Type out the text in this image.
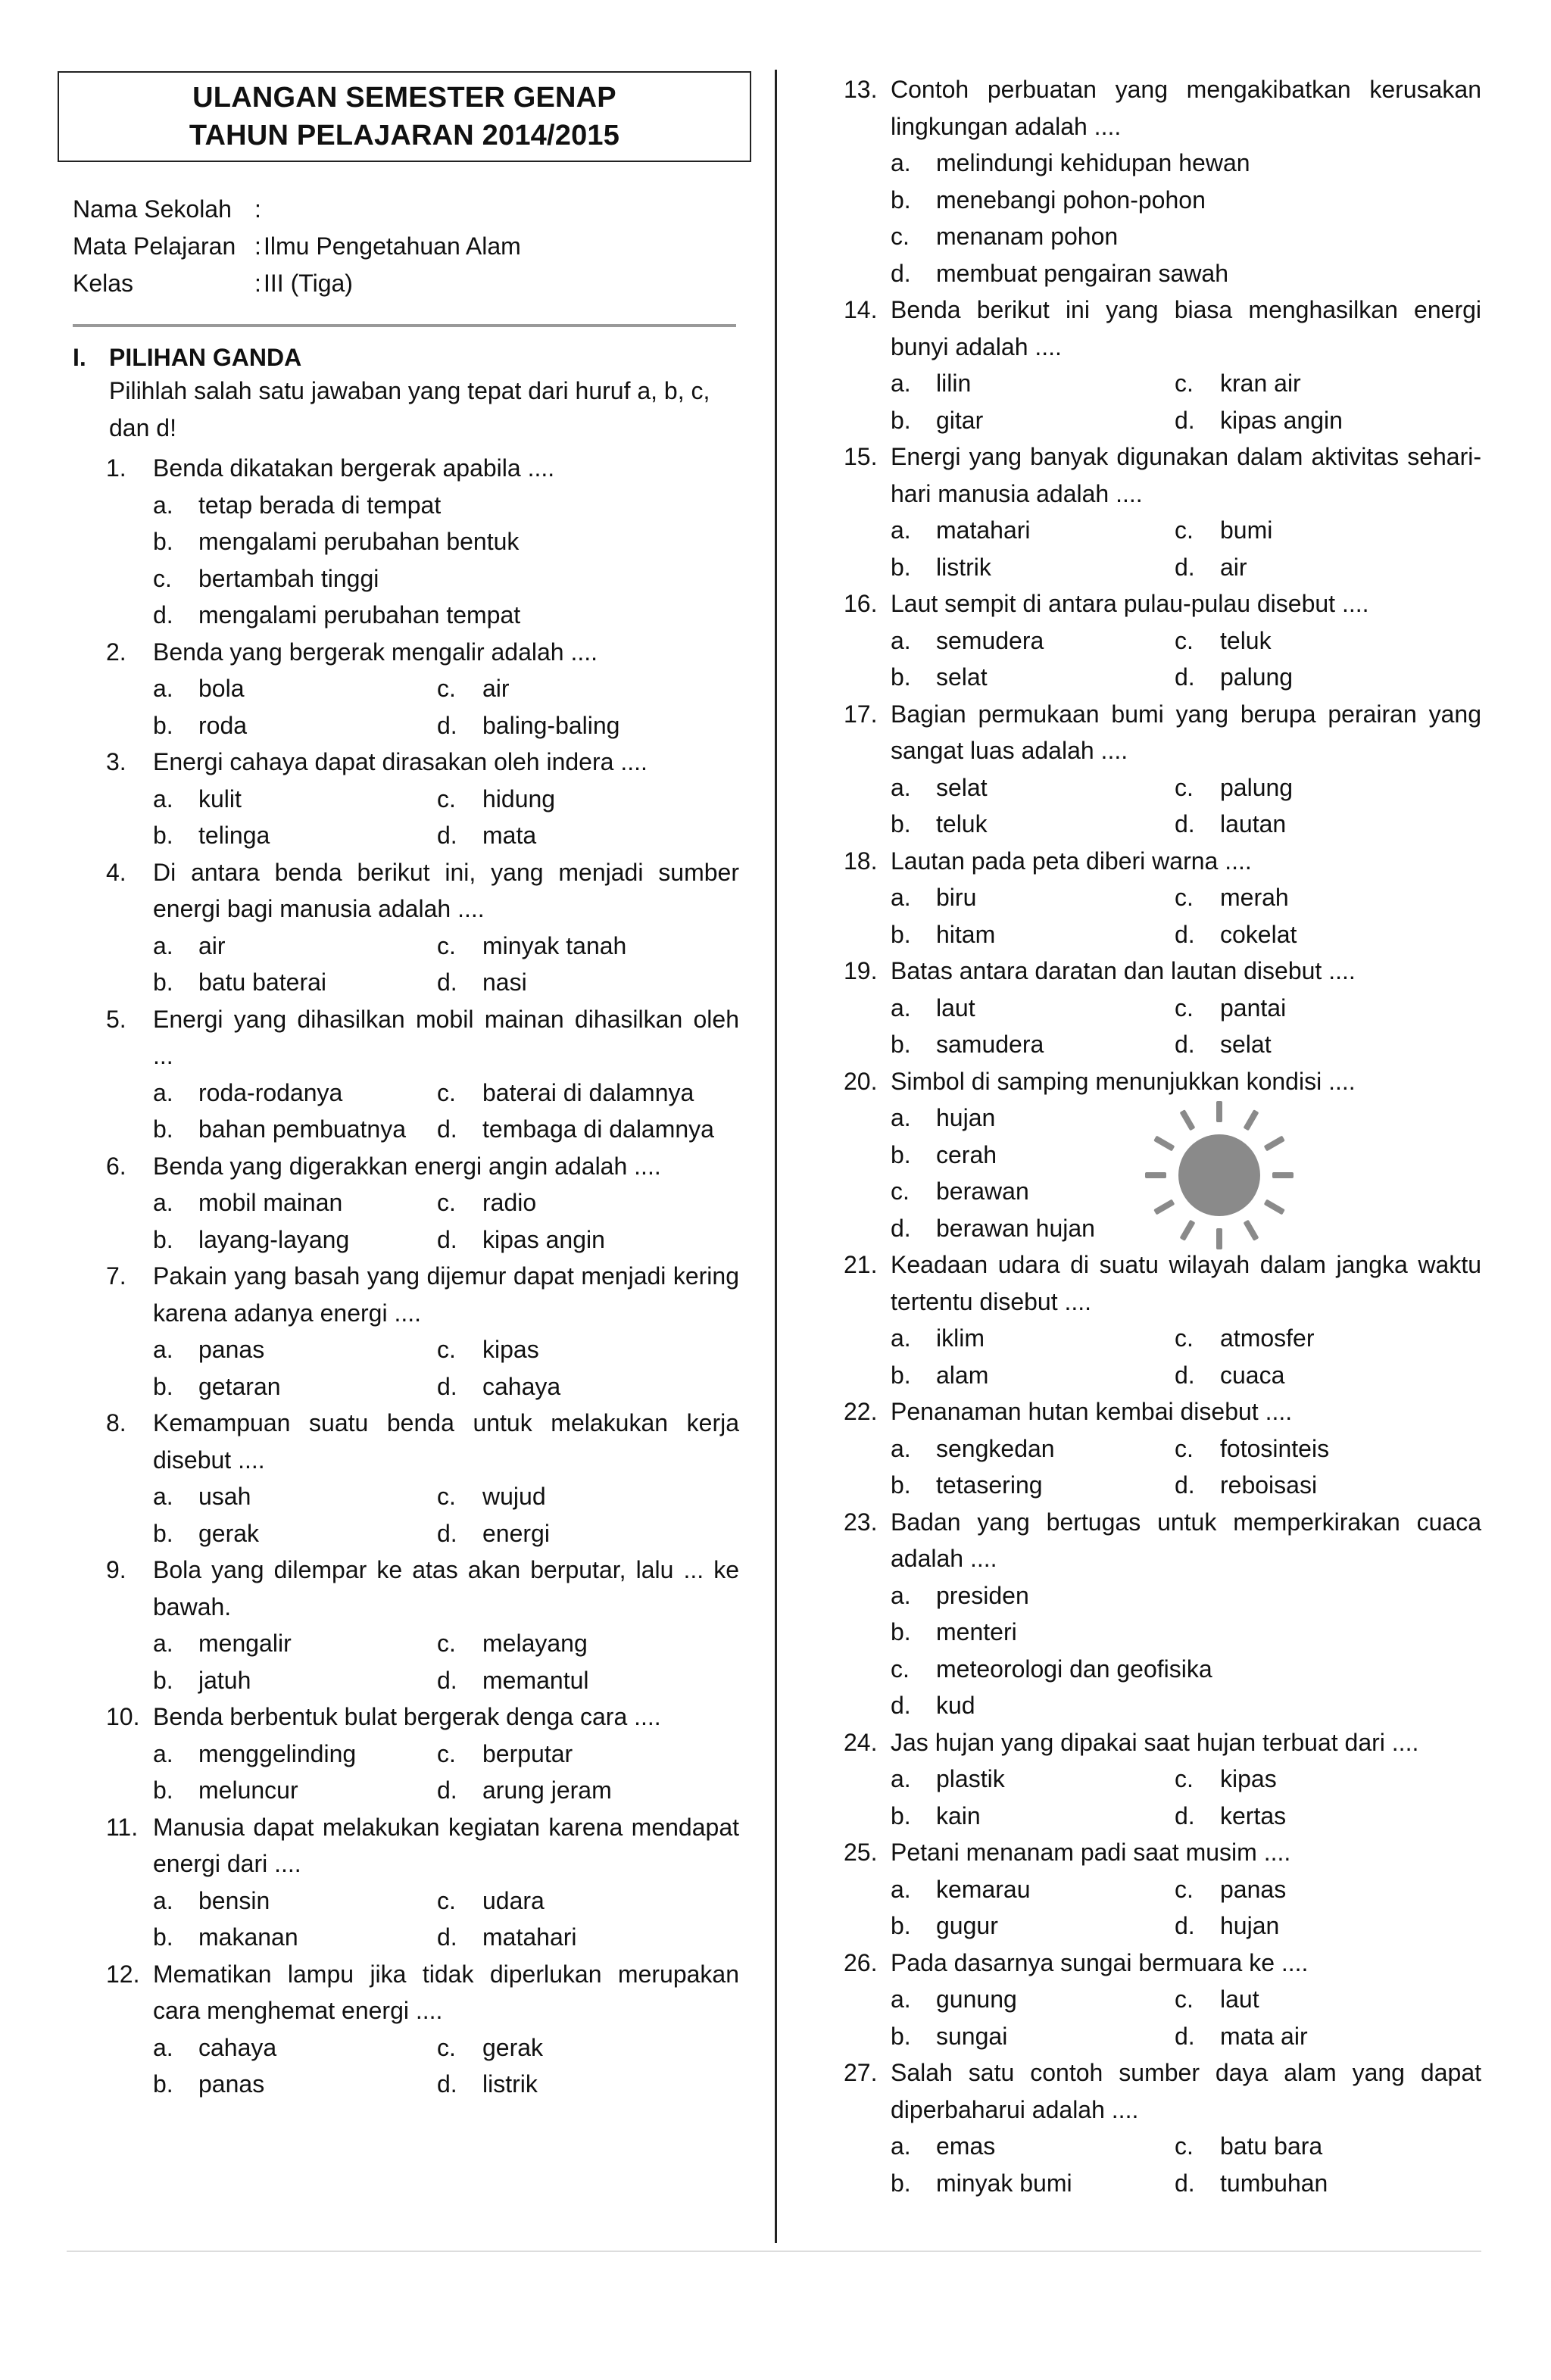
ULANGAN SEMESTER GENAP
TAHUN PELAJARAN 2014/2015
Nama Sekolah :
Mata Pelajaran : Ilmu Pengetahuan Alam
Kelas	: III (Tiga)
I. PILIHAN GANDA
Pilihlah salah satu jawaban yang tepat dari huruf a, b, c, dan d!
1.	Benda dikatakan bergerak apabila ....
a.	tetap berada di tempat
b.	mengalami perubahan bentuk
c.	bertambah tinggi
d.	mengalami perubahan tempat
2.	Benda yang bergerak mengalir adalah ....
a.	bola	c.	air
b.	roda	d.	baling-baling
3.	Energi cahaya dapat dirasakan oleh indera ....
a.	kulit	c.	hidung
b.	telinga	d.	mata
4.	Di antara benda berikut ini, yang menjadi sumber energi bagi manusia adalah ....
a.	air	c.	minyak tanah
b.	batu baterai	d.	nasi
5.	Energi yang dihasilkan mobil mainan dihasilkan oleh ...
a.	roda-rodanya	c.	baterai di dalamnya
b.	bahan pembuatnya d.	tembaga di dalamnya
6.	Benda yang digerakkan energi angin adalah ....
a.	mobil mainan	c.	radio
b.	layang-layang	d.	kipas angin
7.	Pakain yang basah yang dijemur dapat menjadi kering karena adanya energi ....
a.	panas	c.	kipas
b.	getaran	d.	cahaya
8.	Kemampuan suatu benda untuk melakukan kerja disebut ....
a.	usah	c.	wujud
b.	gerak	d.	energi
9.	Bola yang dilempar ke atas akan berputar, lalu ... ke bawah.
a.	mengalir	c.	melayang
b.	jatuh	d.	memantul
10. Benda berbentuk bulat bergerak denga cara ....
a.	menggelinding	c.	berputar
b.	meluncur	d.	arung jeram
11. Manusia dapat melakukan kegiatan karena mendapat energi dari ....
a.	bensin	c.	udara
b.	makanan	d.	matahari
12. Mematikan lampu jika tidak diperlukan merupakan cara menghemat energi ....
a.	cahaya	c.	gerak
b.	panas	d.	listrik
13. Contoh perbuatan yang mengakibatkan kerusakan lingkungan adalah ....
a.	melindungi kehidupan hewan
b.	menebangi pohon-pohon
c.	menanam pohon
d.	membuat pengairan sawah
14. Benda berikut ini yang biasa menghasilkan energi bunyi adalah ....
a.	lilin	c.	kran air
b.	gitar	d.	kipas angin
15. Energi yang banyak digunakan dalam aktivitas sehari-hari manusia adalah ....
a.	matahari	c.	bumi
b.	listrik	d.	air
16. Laut sempit di antara pulau-pulau disebut ....
a.	semudera	c.	teluk
b.	selat	d.	palung
17. Bagian permukaan bumi yang berupa perairan yang sangat luas adalah ....
a.	selat	c.	palung
b.	teluk	d.	lautan
18. Lautan pada peta diberi warna ....
a.	biru	c.	merah
b.	hitam	d.	cokelat
19. Batas antara daratan dan lautan disebut ....
a.	laut	c.	pantai
b.	samudera	d.	selat
20. Simbol di samping menunjukkan kondisi ....
a.	hujan
b.	cerah
c.	berawan
d.	berawan hujan
21. Keadaan udara di suatu wilayah dalam jangka waktu tertentu disebut ....
a.	iklim	c.	atmosfer
b.	alam	d.	cuaca
22. Penanaman hutan kembai disebut ....
a.	sengkedan	c.	fotosinteis
b.	tetasering	d.	reboisasi
23. Badan yang bertugas untuk memperkirakan cuaca adalah ....
a.	presiden
b.	menteri
c.	meteorologi dan geofisika
d.	kud
24. Jas hujan yang dipakai saat hujan terbuat dari ....
a.	plastik	c.	kipas
b.	kain	d.	kertas
25. Petani menanam padi saat musim ....
a.	kemarau	c.	panas
b.	gugur	d.	hujan
26. Pada dasarnya sungai bermuara ke ....
a.	gunung	c.	laut
b.	sungai	d.	mata air
27. Salah satu contoh sumber daya alam yang dapat diperbaharui adalah ....
a.	emas	c.	batu bara
b.	minyak bumi	d.	tumbuhan
